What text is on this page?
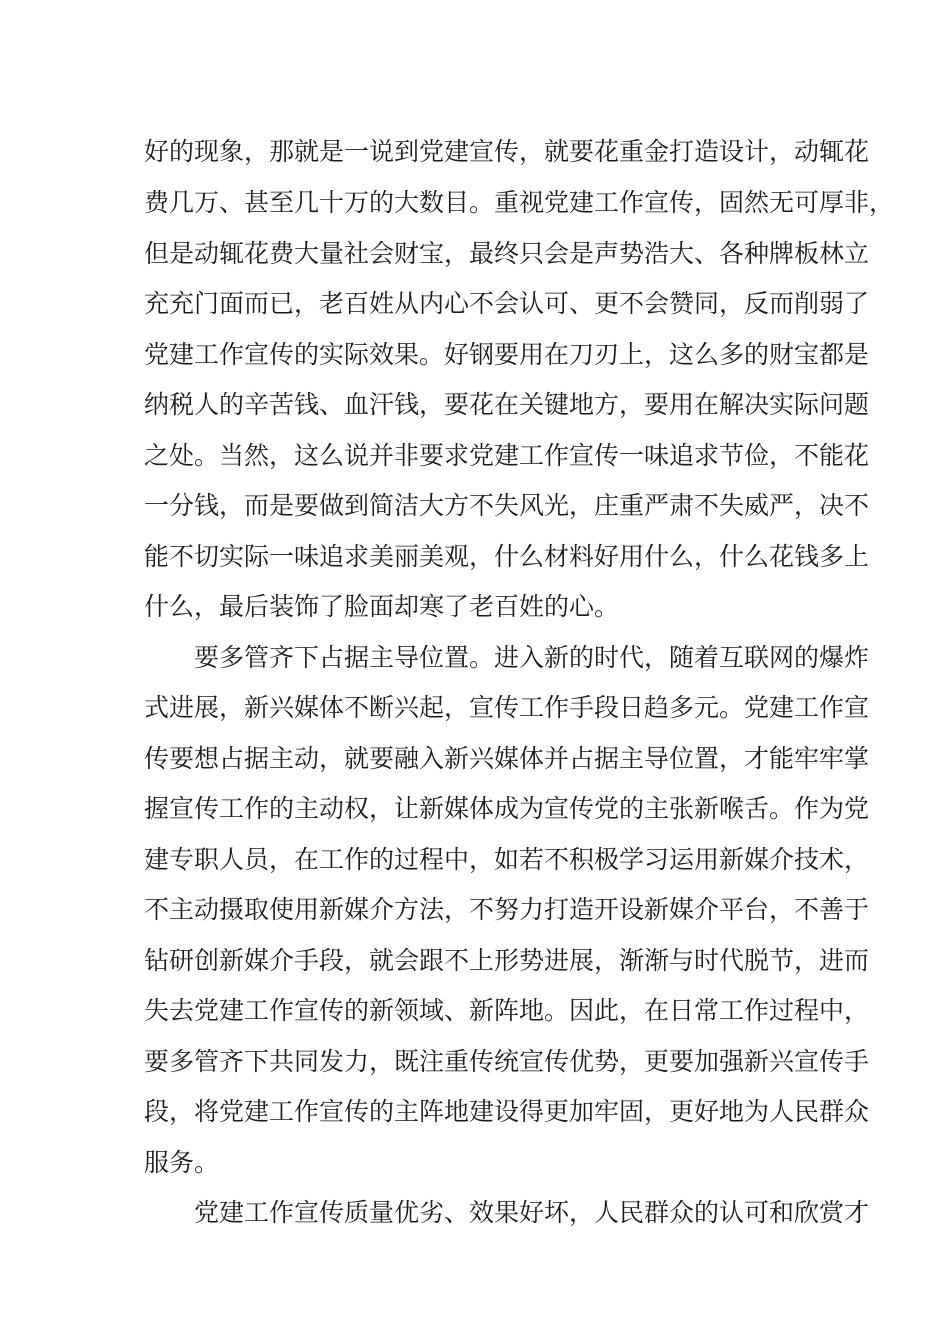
好的现象，那就是一说到党建宣传，就要花重金打造设计，动辄花
费几万、甚至几十万的大数目。重视党建工作宣传，固然无可厚非，
但是动辄花费大量社会财宝，最终只会是声势浩大、各种牌板林立
充充门面而已，老百姓从内心不会认可、更不会赞同，反而削弱了
党建工作宣传的实际效果。好钢要用在刀刃上，这么多的财宝都是
纳税人的辛苦钱、血汗钱，要花在关键地方，要用在解决实际问题
之处。当然，这么说并非要求党建工作宣传一味追求节俭，不能花
一分钱，而是要做到简洁大方不失风光，庄重严肃不失威严，决不
能不切实际一味追求美丽美观，什么材料好用什么，什么花钱多上
什么，最后装饰了脸面却寒了老百姓的心。
要多管齐下占据主导位置。进入新的时代，随着互联网的爆炸
式进展，新兴媒体不断兴起，宣传工作手段日趋多元。党建工作宣
传要想占据主动，就要融入新兴媒体并占据主导位置，才能牢牢掌
握宣传工作的主动权，让新媒体成为宣传党的主张新喉舌。作为党
建专职人员，在工作的过程中，如若不积极学习运用新媒介技术，
不主动摄取使用新媒介方法，不努力打造开设新媒介平台，不善于
钻研创新媒介手段，就会跟不上形势进展，渐渐与时代脱节，进而
失去党建工作宣传的新领域、新阵地。因此，在日常工作过程中，
要多管齐下共同发力，既注重传统宣传优势，更要加强新兴宣传手
段，将党建工作宣传的主阵地建设得更加牢固，更好地为人民群众
服务。
党建工作宣传质量优劣、效果好坏，人民群众的认可和欣赏才
